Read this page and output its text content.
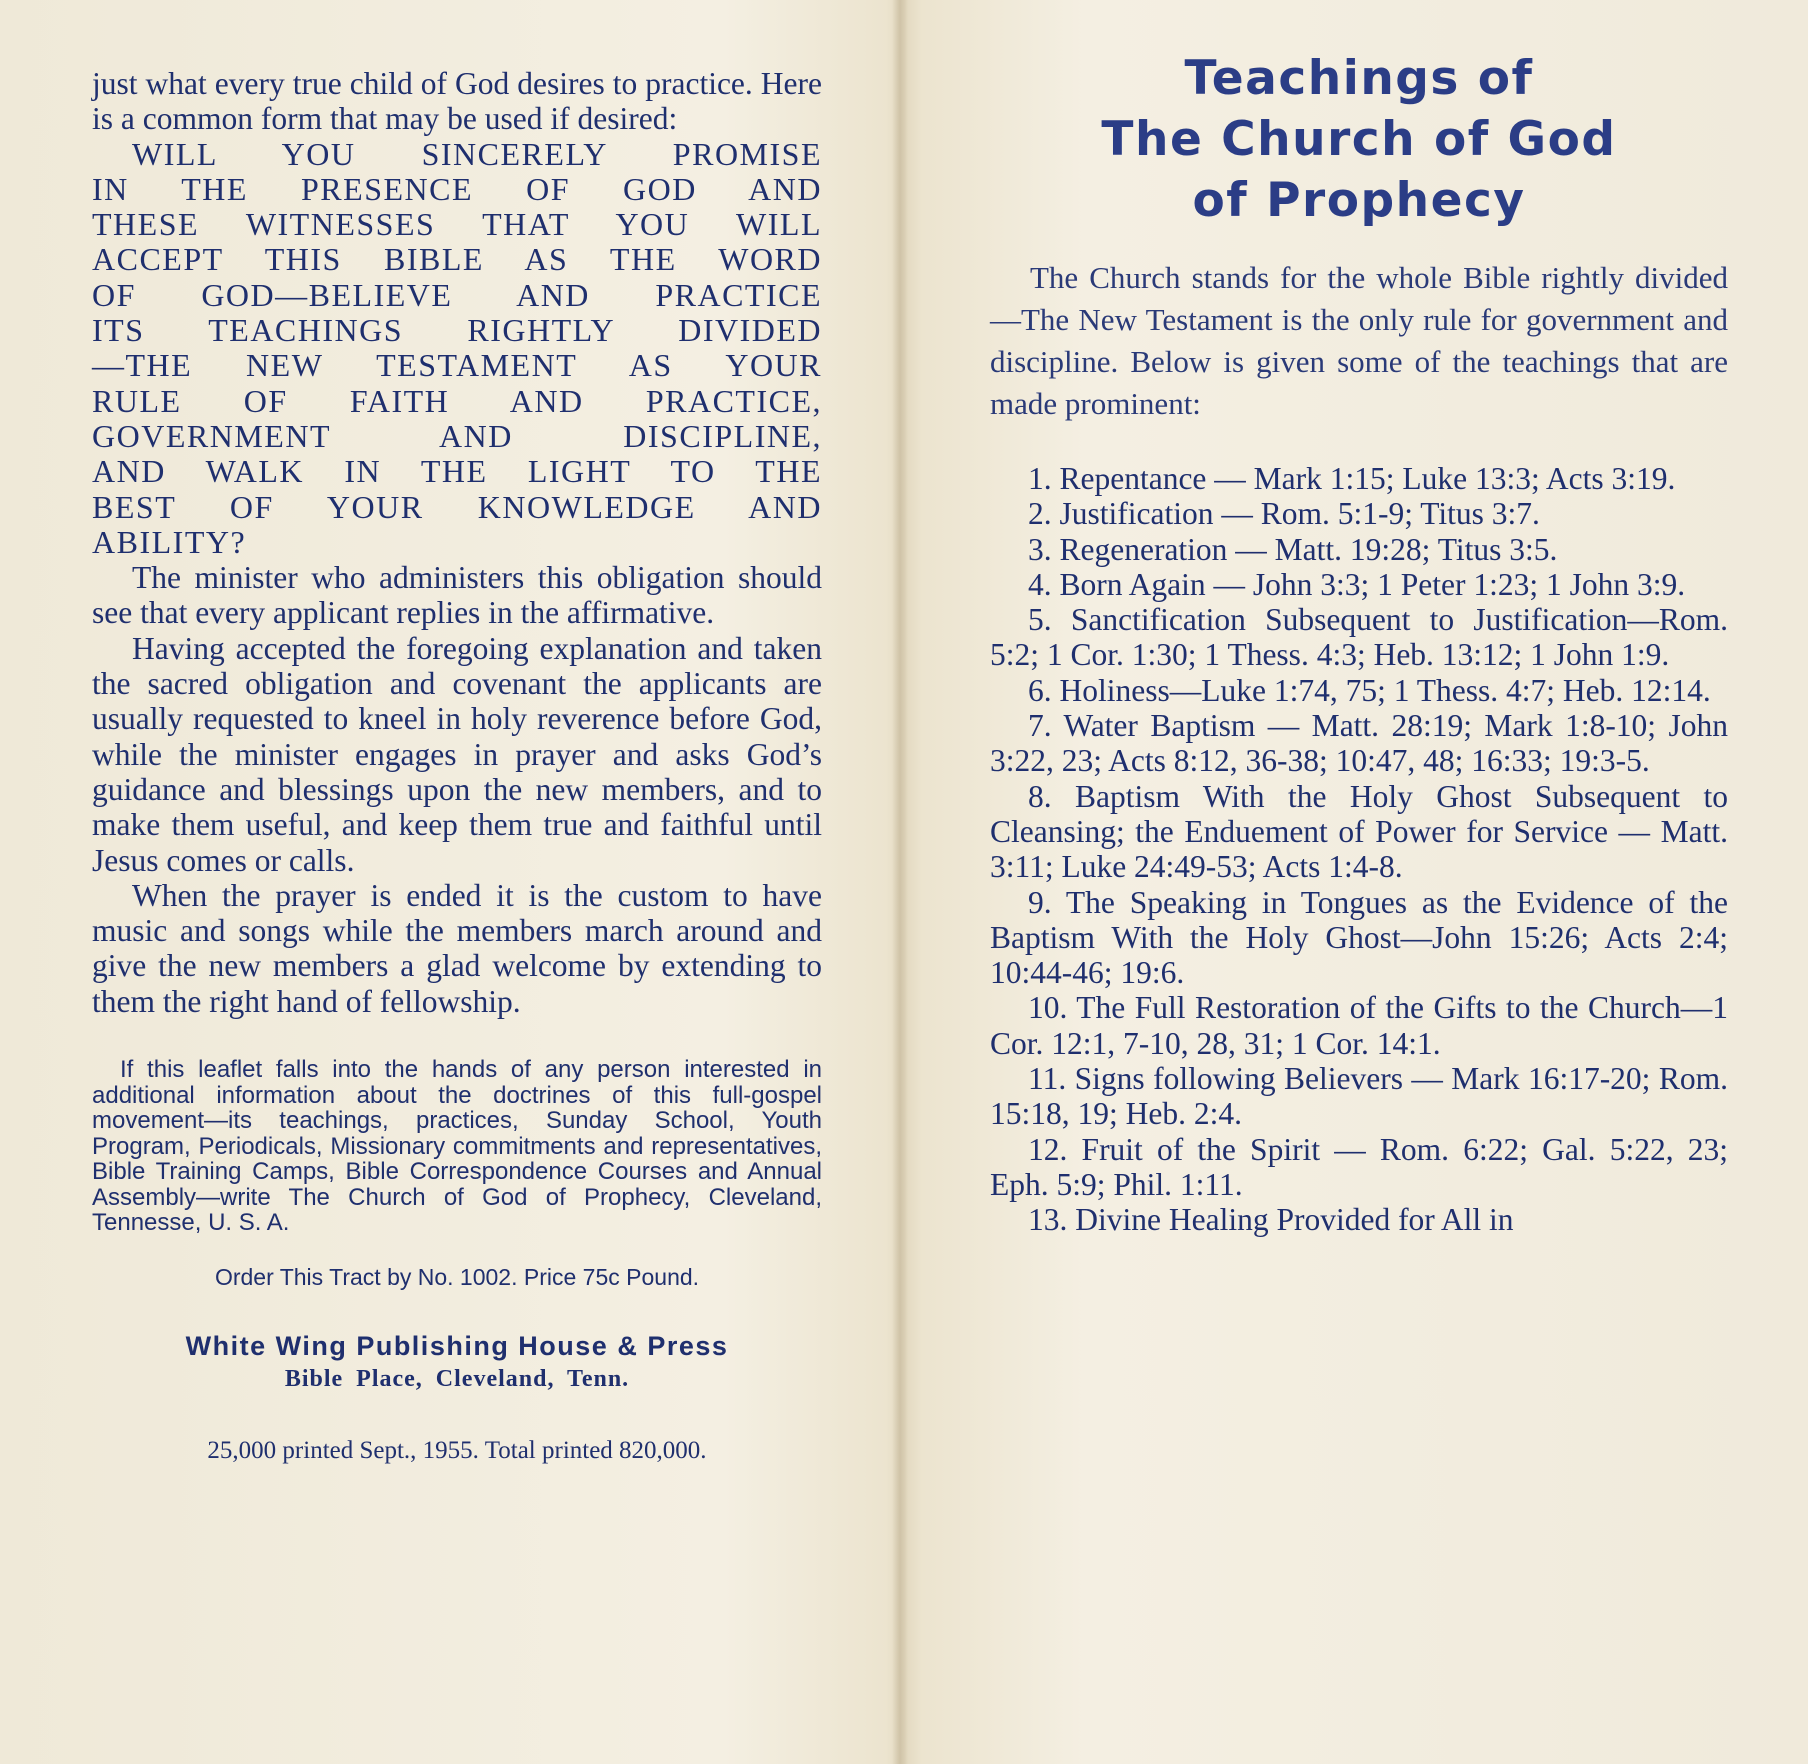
just what every true child of God desires to practice. Here is a common form that may be used if desired:

WILL YOU SINCERELY PROMISE

IN THE PRESENCE OF GOD AND

THESE WITNESSES THAT YOU WILL

ACCEPT THIS BIBLE AS THE WORD

OF GOD—BELIEVE AND PRACTICE

ITS TEACHINGS RIGHTLY DIVIDED

—THE NEW TESTAMENT AS YOUR

RULE OF FAITH AND PRACTICE,

GOVERNMENT AND DISCIPLINE,

AND WALK IN THE LIGHT TO THE

BEST OF YOUR KNOWLEDGE AND

ABILITY?

The minister who administers this obligation should see that every applicant replies in the affirmative.

Having accepted the foregoing explanation and taken the sacred obligation and covenant the applicants are usually requested to kneel in holy reverence before God, while the minister engages in prayer and asks God’s guidance and blessings upon the new members, and to make them useful, and keep them true and faithful until Jesus comes or calls.

When the prayer is ended it is the custom to have music and songs while the members march around and give the new members a glad welcome by extending to them the right hand of fellowship.

If this leaflet falls into the hands of any person interested in additional information about the doctrines of this full-gospel movement—its teachings, practices, Sunday School, Youth Program, Periodicals, Missionary commitments and representatives, Bible Training Camps, Bible Correspondence Courses and Annual Assembly—write The Church of God of Prophecy, Cleveland, Tennesse, U. S. A.

Order This Tract by No. 1002. Price 75c Pound.

White Wing Publishing House & Press

Bible Place, Cleveland, Tenn.

25,000 printed Sept., 1955. Total printed 820,000.

Teachings of
The Church of God
of Prophecy

The Church stands for the whole Bible rightly divided—The New Testament is the only rule for government and discipline. Below is given some of the teachings that are made prominent:

1. Repentance — Mark 1:15; Luke 13:3; Acts 3:19.

2. Justification — Rom. 5:1-9; Titus 3:7.

3. Regeneration — Matt. 19:28; Titus 3:5.

4. Born Again — John 3:3; 1 Peter 1:23; 1 John 3:9.

5. Sanctification Subsequent to Justification—Rom. 5:2; 1 Cor. 1:30; 1 Thess. 4:3; Heb. 13:12; 1 John 1:9.

6. Holiness—Luke 1:74, 75; 1 Thess. 4:7; Heb. 12:14.

7. Water Baptism — Matt. 28:19; Mark 1:8-10; John 3:22, 23; Acts 8:12, 36-38; 10:47, 48; 16:33; 19:3-5.

8. Baptism With the Holy Ghost Subsequent to Cleansing; the Enduement of Power for Service — Matt. 3:11; Luke 24:49-53; Acts 1:4-8.

9. The Speaking in Tongues as the Evidence of the Baptism With the Holy Ghost—John 15:26; Acts 2:4; 10:44-46; 19:6.

10. The Full Restoration of the Gifts to the Church—1 Cor. 12:1, 7-10, 28, 31; 1 Cor. 14:1.

11. Signs following Believers — Mark 16:17-20; Rom. 15:18, 19; Heb. 2:4.

12. Fruit of the Spirit — Rom. 6:22; Gal. 5:22, 23; Eph. 5:9; Phil. 1:11.

13. Divine Healing Provided for All in
